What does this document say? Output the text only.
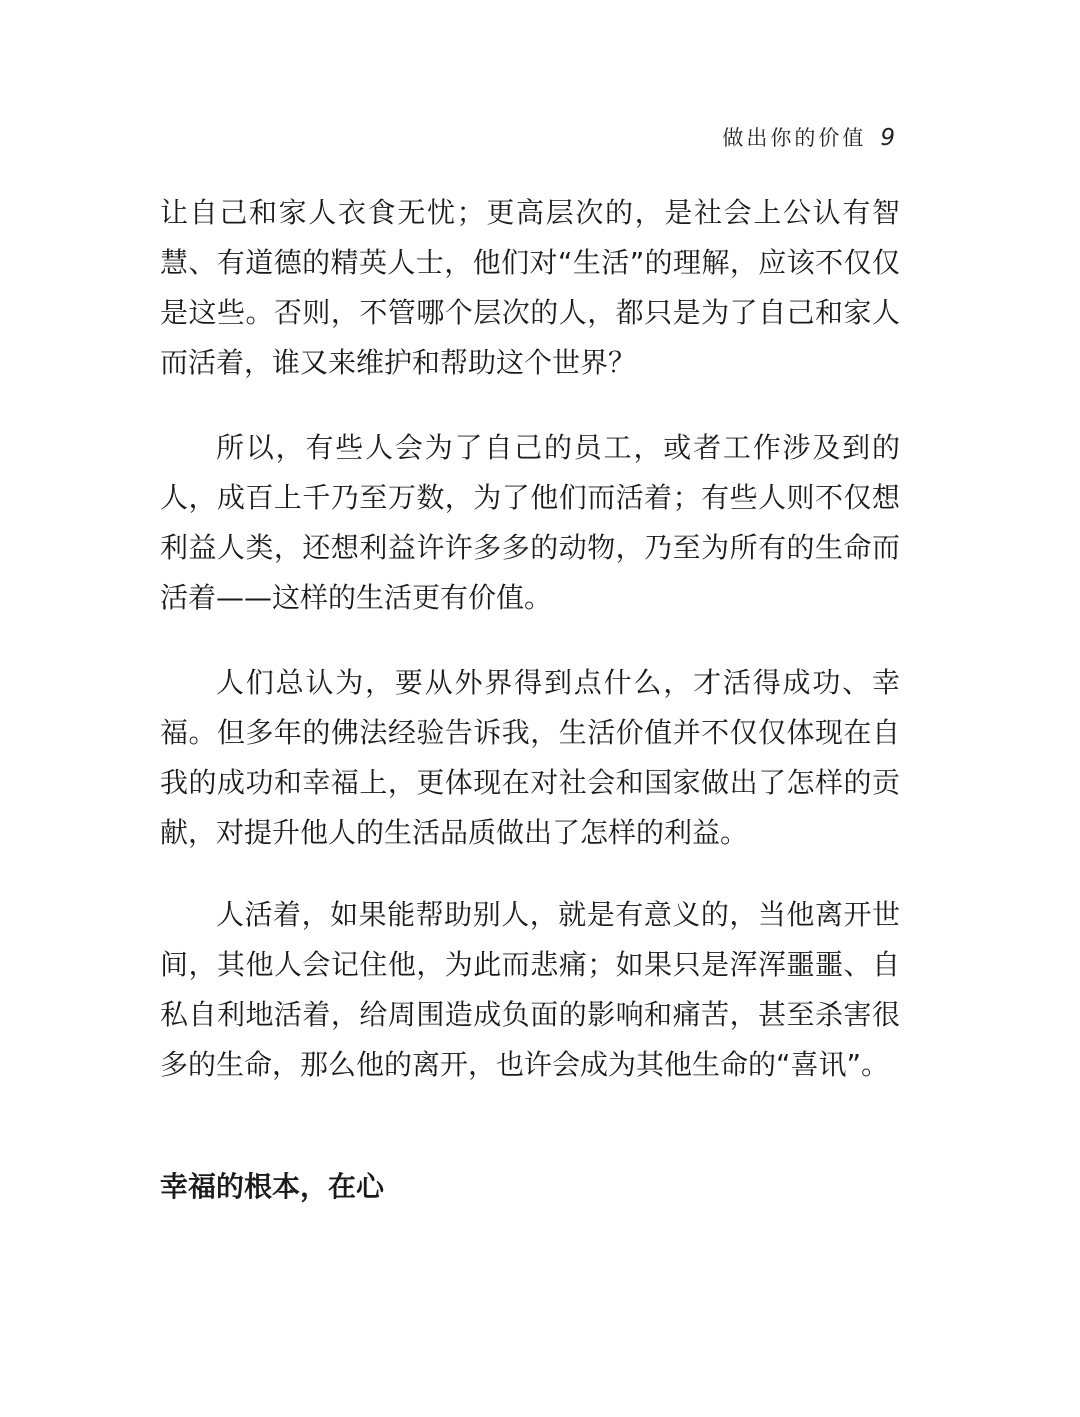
做出你的价值 9

让自己和家人衣食无忧；更高层次的，是社会上公认有智慧、有道德的精英人士，他们对“生活”的理解，应该不仅仅是这些。否则，不管哪个层次的人，都只是为了自己和家人而活着，谁又来维护和帮助这个世界？

所以，有些人会为了自己的员工，或者工作涉及到的人，成百上千乃至万数，为了他们而活着；有些人则不仅想利益人类，还想利益许许多多的动物，乃至为所有的生命而活着——这样的生活更有价值。

人们总认为，要从外界得到点什么，才活得成功、幸福。但多年的佛法经验告诉我，生活价值并不仅仅体现在自我的成功和幸福上，更体现在对社会和国家做出了怎样的贡献，对提升他人的生活品质做出了怎样的利益。

人活着，如果能帮助别人，就是有意义的，当他离开世间，其他人会记住他，为此而悲痛；如果只是浑浑噩噩、自私自利地活着，给周围造成负面的影响和痛苦，甚至杀害很多的生命，那么他的离开，也许会成为其他生命的“喜讯”。

幸福的根本，在心
